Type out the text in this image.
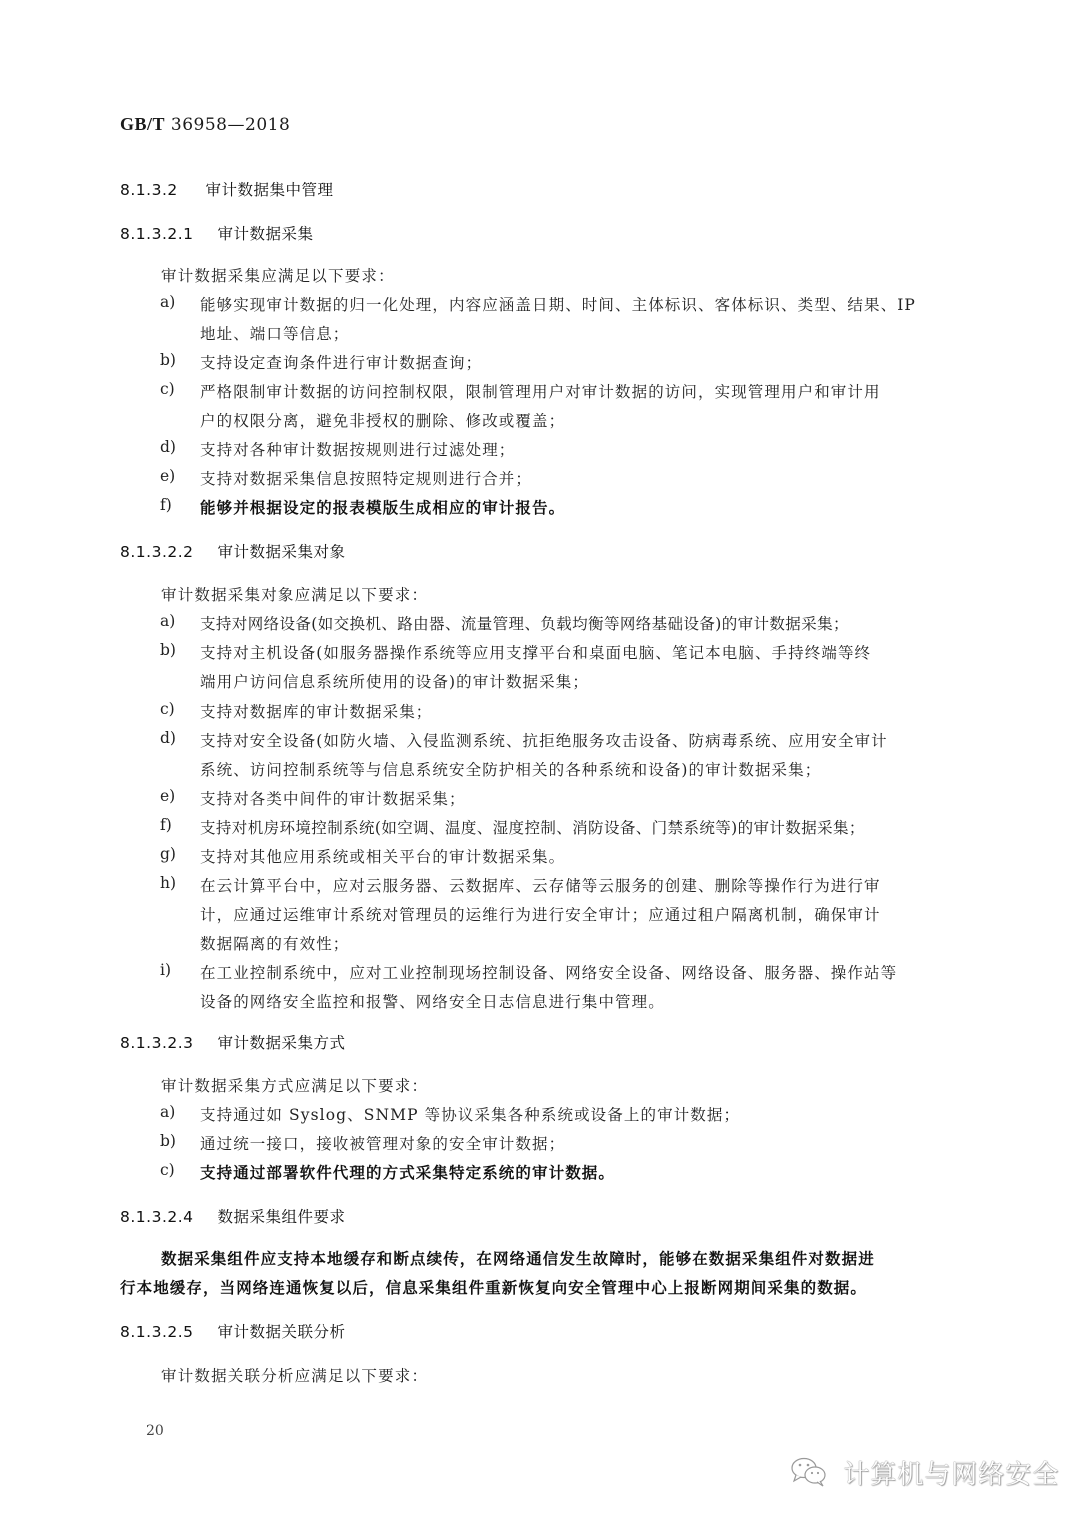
GB/T 36958—2018
8.1.3.2 审计数据集中管理
8.1.3.2.1 审计数据采集
审计数据采集应满足以下要求：
a)	能够实现审计数据的归一化处理，内容应涵盖日期、时间、主体标识、客体标识、类型、结果、IP
地址、端口等信息；
b)	支持设定查询条件进行审计数据查询；
c)	严格限制审计数据的访问控制权限，限制管理用户对审计数据的访问，实现管理用户和审计用
户的权限分离，避免非授权的删除、修改或覆盖；
d)	支持对各种审计数据按规则进行过滤处理；
e)	支持对数据采集信息按照特定规则进行合并；
f)	能够并根据设定的报表模版生成相应的审计报告。
8.1.3.2.2 审计数据采集对象
审计数据采集对象应满足以下要求：
a)	支持对网络设备(如交换机、路由器、流量管理、负载均衡等网络基础设备)的审计数据采集；
b)	支持对主机设备(如服务器操作系统等应用支撑平台和桌面电脑、笔记本电脑、手持终端等终
端用户访问信息系统所使用的设备)的审计数据采集；
c)	支持对数据库的审计数据采集；
d)	支持对安全设备(如防火墙、入侵监测系统、抗拒绝服务攻击设备、防病毒系统、应用安全审计
系统、访问控制系统等与信息系统安全防护相关的各种系统和设备)的审计数据采集；
e)	支持对各类中间件的审计数据采集；
f)	支持对机房环境控制系统(如空调、温度、湿度控制、消防设备、门禁系统等)的审计数据采集；
g)	支持对其他应用系统或相关平台的审计数据采集。
h)	在云计算平台中，应对云服务器、云数据库、云存储等云服务的创建、删除等操作行为进行审
计，应通过运维审计系统对管理员的运维行为进行安全审计；应通过租户隔离机制，确保审计
数据隔离的有效性；
i)	在工业控制系统中，应对工业控制现场控制设备、网络安全设备、网络设备、服务器、操作站等
设备的网络安全监控和报警、网络安全日志信息进行集中管理。
8.1.3.2.3 审计数据采集方式
审计数据采集方式应满足以下要求：
a)	支持通过如 Syslog、SNMP 等协议采集各种系统或设备上的审计数据；
b)	通过统一接口，接收被管理对象的安全审计数据；
c)	支持通过部署软件代理的方式采集特定系统的审计数据。
8.1.3.2.4 数据采集组件要求
数据采集组件应支持本地缓存和断点续传，在网络通信发生故障时，能够在数据采集组件对数据进
行本地缓存，当网络连通恢复以后，信息采集组件重新恢复向安全管理中心上报断网期间采集的数据。
8.1.3.2.5 审计数据关联分析
审计数据关联分析应满足以下要求：
20
计算机与网络安全
